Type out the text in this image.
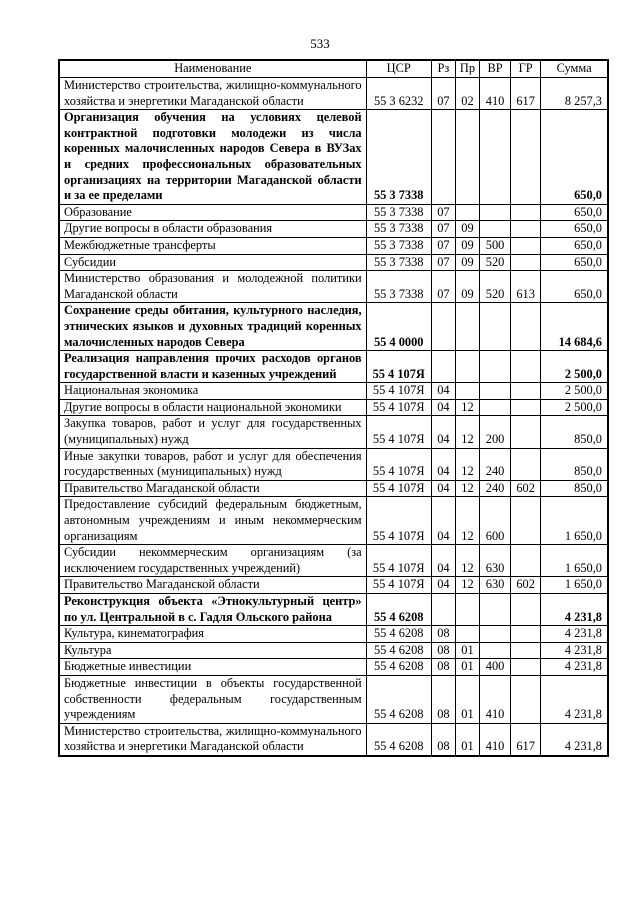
533
Наименование	ЦСР	Рз	Пр	ВР	ГР	Сумма
Министерство строительства, жилищно-коммунального хозяйства и энергетики Магаданской области	55 3 6232	07	02	410	617	8 257,3
Организация обучения на условиях целевой контрактной подготовки молодежи из числа коренных малочисленных народов Севера в ВУЗах и средних профессиональных образовательных организациях на территории Магаданской области и за ее пределами	55 3 7338					650,0
Образование	55 3 7338	07				650,0
Другие вопросы в области образования	55 3 7338	07	09			650,0
Межбюджетные трансферты	55 3 7338	07	09	500		650,0
Субсидии	55 3 7338	07	09	520		650,0
Министерство образования и молодежной политики Магаданской области	55 3 7338	07	09	520	613	650,0
Сохранение среды обитания, культурного наследия, этнических языков и духовных традиций коренных малочисленных народов Севера	55 4 0000					14 684,6
Реализация направления прочих расходов органов государственной власти и казенных учреждений	55 4 107Я					2 500,0
Национальная экономика	55 4 107Я	04				2 500,0
Другие вопросы в области национальной экономики	55 4 107Я	04	12			2 500,0
Закупка товаров, работ и услуг для государственных (муниципальных) нужд	55 4 107Я	04	12	200		850,0
Иные закупки товаров, работ и услуг для обеспечения государственных (муниципальных) нужд	55 4 107Я	04	12	240		850,0
Правительство Магаданской области	55 4 107Я	04	12	240	602	850,0
Предоставление субсидий федеральным бюджетным, автономным учреждениям и иным некоммерческим организациям	55 4 107Я	04	12	600		1 650,0
Субсидии некоммерческим организациям (за исключением государственных учреждений)	55 4 107Я	04	12	630		1 650,0
Правительство Магаданской области	55 4 107Я	04	12	630	602	1 650,0
Реконструкция объекта «Этнокультурный центр» по ул. Центральной в с. Гадля Ольского района	55 4 6208					4 231,8
Культура, кинематография	55 4 6208	08				4 231,8
Культура	55 4 6208	08	01			4 231,8
Бюджетные инвестиции	55 4 6208	08	01	400		4 231,8
Бюджетные инвестиции в объекты государственной собственности федеральным государственным учреждениям	55 4 6208	08	01	410		4 231,8
Министерство строительства, жилищно-коммунального хозяйства и энергетики Магаданской области	55 4 6208	08	01	410	617	4 231,8
